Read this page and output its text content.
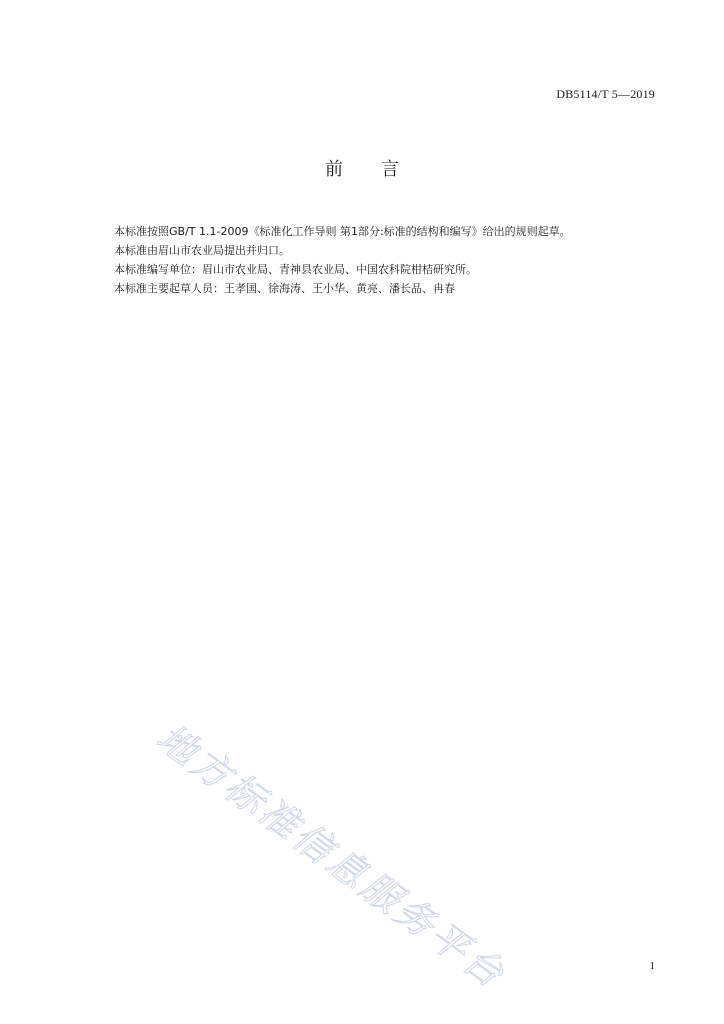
DB5114/T 5—2019
前 言

本标准按照GB/T 1.1-2009《标准化工作导则 第1部分:标准的结构和编写》给出的规则起草。

本标准由眉山市农业局提出并归口。

本标准编写单位：眉山市农业局、青神县农业局、中国农科院柑桔研究所。

本标准主要起草人员：王孝国、徐海涛、王小华、黄亮、潘长品、冉春

地方标准信息服务平台	1
